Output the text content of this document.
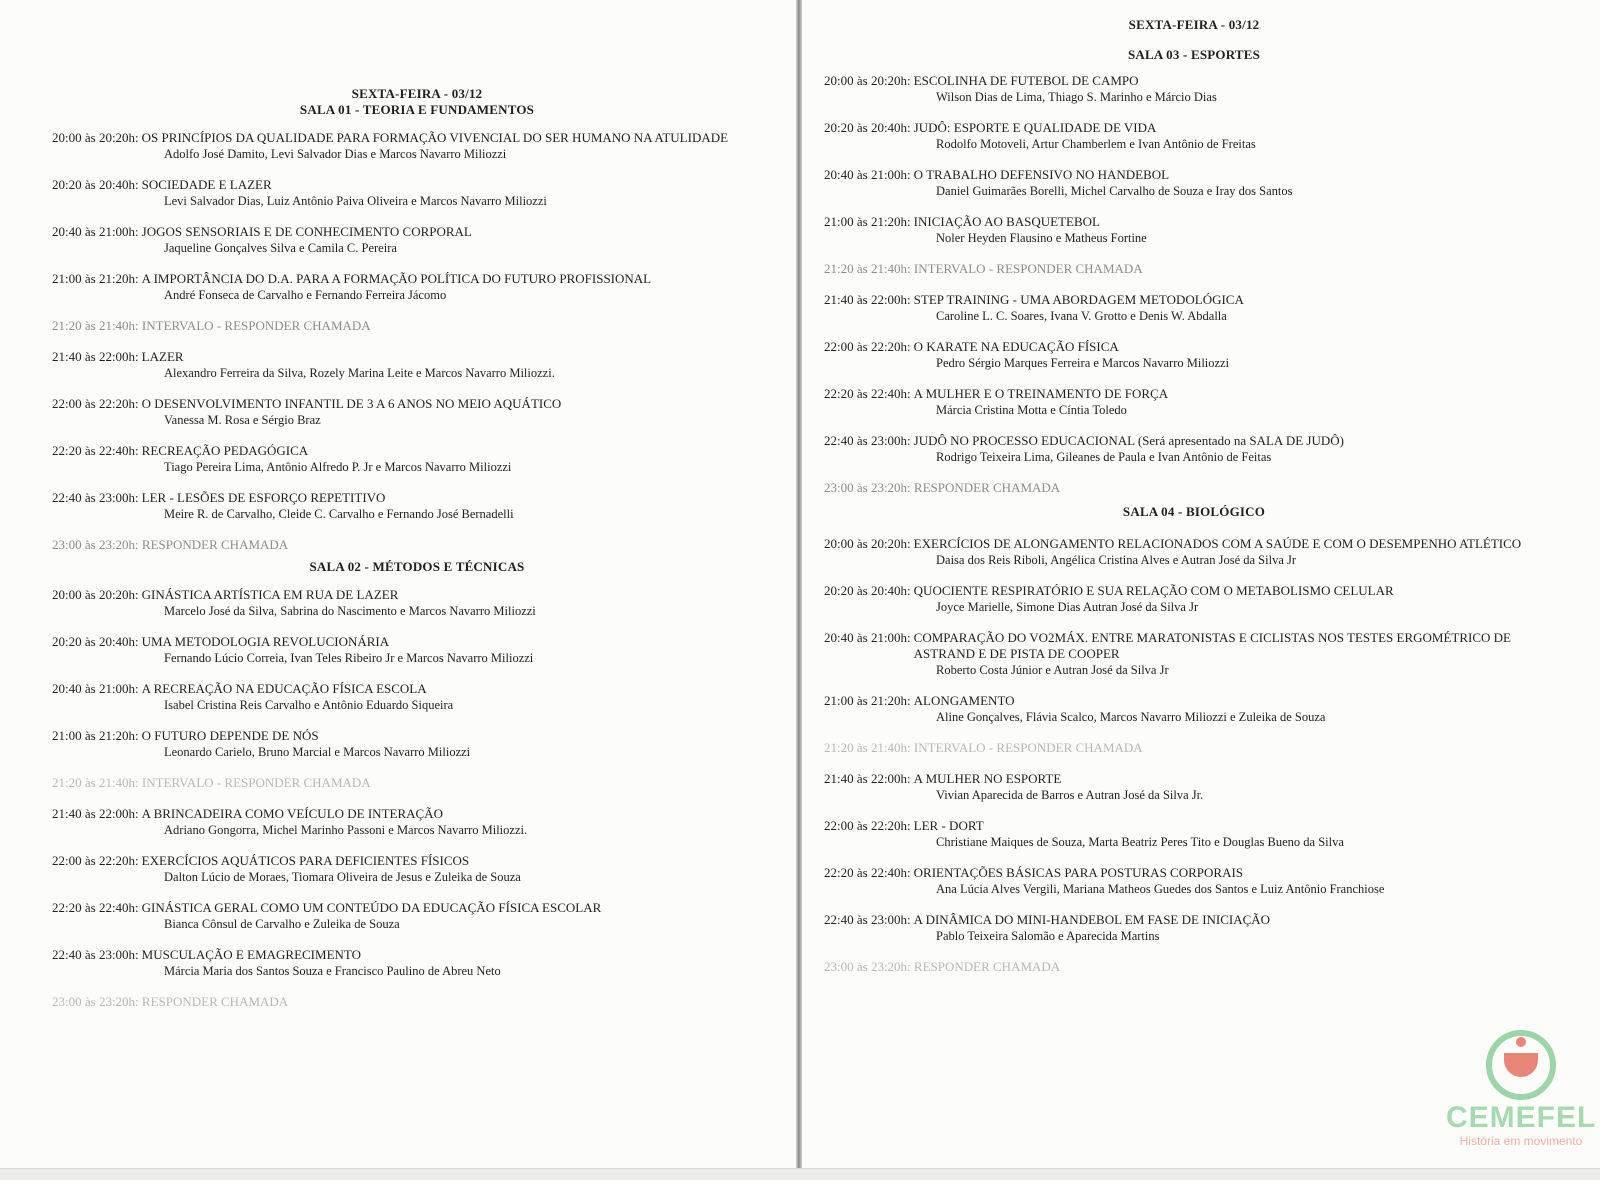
SEXTA-FEIRA - 03/12
SALA 01 - TEORIA E FUNDAMENTOS
20:00 às 20:20h: OS PRINCÍPIOS DA QUALIDADE PARA FORMAÇÃO VIVENCIAL DO SER HUMANO NA ATULIDADE
Adolfo José Damito, Levi Salvador Dias e Marcos Navarro Miliozzi
20:20 às 20:40h: SOCIEDADE E LAZER
Levi Salvador Dias, Luiz Antônio Paiva Oliveira e Marcos Navarro Miliozzi
20:40 às 21:00h: JOGOS SENSORIAIS E DE CONHECIMENTO CORPORAL
Jaqueline Gonçalves Silva e Camila C. Pereira
21:00 às 21:20h: A IMPORTÂNCIA DO D.A. PARA A FORMAÇÃO POLÍTICA DO FUTURO PROFISSIONAL
André Fonseca de Carvalho e Fernando Ferreira Jácomo
21:20 às 21:40h: INTERVALO - RESPONDER CHAMADA
21:40 às 22:00h: LAZER
Alexandro Ferreira da Silva, Rozely Marina Leite e Marcos Navarro Miliozzi.
22:00 às 22:20h: O DESENVOLVIMENTO INFANTIL DE 3 A 6 ANOS NO MEIO AQUÁTICO
Vanessa M. Rosa e Sérgio Braz
22:20 às 22:40h: RECREAÇÃO PEDAGÓGICA
Tiago Pereira Lima, Antônio Alfredo P. Jr e Marcos Navarro Miliozzi
22:40 às 23:00h: LER - LESÕES DE ESFORÇO REPETITIVO
Meire R. de Carvalho, Cleide C. Carvalho e Fernando José Bernadelli
23:00 às 23:20h: RESPONDER CHAMADA
SALA 02 - MÉTODOS E TÉCNICAS
20:00 às 20:20h: GINÁSTICA ARTÍSTICA EM RUA DE LAZER
Marcelo José da Silva, Sabrina do Nascimento e Marcos Navarro Miliozzi
20:20 às 20:40h: UMA METODOLOGIA REVOLUCIONÁRIA
Fernando Lúcio Correia, Ivan Teles Ribeiro Jr e Marcos Navarro Miliozzi
20:40 às 21:00h: A RECREAÇÃO NA EDUCAÇÃO FÍSICA ESCOLA
Isabel Cristina Reis Carvalho e Antônio Eduardo Siqueira
21:00 às 21:20h: O FUTURO DEPENDE DE NÓS
Leonardo Carielo, Bruno Marcial e Marcos Navarro Miliozzi
21:20 às 21:40h: INTERVALO - RESPONDER CHAMADA
21:40 às 22:00h: A BRINCADEIRA COMO VEÍCULO DE INTERAÇÃO
Adriano Gongorra, Michel Marinho Passoni e Marcos Navarro Miliozzi.
22:00 às 22:20h: EXERCÍCIOS AQUÁTICOS PARA DEFICIENTES FÍSICOS
Dalton Lúcio de Moraes, Tiomara Oliveira de Jesus e Zuleika de Souza
22:20 às 22:40h: GINÁSTICA GERAL COMO UM CONTEÚDO DA EDUCAÇÃO FÍSICA ESCOLAR
Bianca Cônsul de Carvalho e Zuleika de Souza
22:40 às 23:00h: MUSCULAÇÃO E EMAGRECIMENTO
Márcia Maria dos Santos Souza e Francisco Paulino de Abreu Neto
23:00 às 23:20h: RESPONDER CHAMADA
SEXTA-FEIRA - 03/12
SALA 03 - ESPORTES
20:00 às 20:20h: ESCOLINHA DE FUTEBOL DE CAMPO
Wilson Dias de Lima, Thiago S. Marinho e Márcio Dias
20:20 às 20:40h: JUDÔ: ESPORTE E QUALIDADE DE VIDA
Rodolfo Motoveli, Artur Chamberlem e Ivan Antônio de Freitas
20:40 às 21:00h: O TRABALHO DEFENSIVO NO HANDEBOL
Daniel Guimarães Borelli, Michel Carvalho de Souza e Iray dos Santos
21:00 às 21:20h: INICIAÇÃO AO BASQUETEBOL
Noler Heyden Flausino e Matheus Fortine
21:20 às 21:40h: INTERVALO - RESPONDER CHAMADA
21:40 às 22:00h: STEP TRAINING - UMA ABORDAGEM METODOLÓGICA
Caroline L. C. Soares, Ivana V. Grotto e Denis W. Abdalla
22:00 às 22:20h: O KARATE NA EDUCAÇÃO FÍSICA
Pedro Sérgio Marques Ferreira e Marcos Navarro Miliozzi
22:20 às 22:40h: A MULHER E O TREINAMENTO DE FORÇA
Márcia Cristina Motta e Cíntia Toledo
22:40 às 23:00h: JUDÔ NO PROCESSO EDUCACIONAL (Será apresentado na SALA DE JUDÔ)
Rodrigo Teixeira Lima, Gileanes de Paula e Ivan Antônio de Feitas
23:00 às 23:20h: RESPONDER CHAMADA
SALA 04 - BIOLÓGICO
20:00 às 20:20h: EXERCÍCIOS DE ALONGAMENTO RELACIONADOS COM A SAÚDE E COM O DESEMPENHO ATLÉTICO
Daisa dos Reis Riboli, Angélica Cristina Alves e Autran José da Silva Jr
20:20 às 20:40h: QUOCIENTE RESPIRATÓRIO E SUA RELAÇÃO COM O METABOLISMO CELULAR
Joyce Marielle, Simone Dias Autran José da Silva Jr
20:40 às 21:00h: COMPARAÇÃO DO VO2MÁX. ENTRE MARATONISTAS E CICLISTAS NOS TESTES ERGOMÉTRICO DE ASTRAND E DE PISTA DE COOPER
Roberto Costa Júnior e Autran José da Silva Jr
21:00 às 21:20h: ALONGAMENTO
Aline Gonçalves, Flávia Scalco, Marcos Navarro Miliozzi e Zuleika de Souza
21:20 às 21:40h: INTERVALO - RESPONDER CHAMADA
21:40 às 22:00h: A MULHER NO ESPORTE
Vivian Aparecida de Barros e Autran José da Silva Jr.
22:00 às 22:20h: LER - DORT
Christiane Maiques de Souza, Marta Beatriz Peres Tito e Douglas Bueno da Silva
22:20 às 22:40h: ORIENTAÇÕES BÁSICAS PARA POSTURAS CORPORAIS
Ana Lúcia Alves Vergili, Mariana Matheos Guedes dos Santos e Luiz Antônio Franchiose
22:40 às 23:00h: A DINÂMICA DO MINI-HANDEBOL EM FASE DE INICIAÇÃO
Pablo Teixeira Salomão e Aparecida Martins
23:00 às 23:20h: RESPONDER CHAMADA
CEMEFEL
História em movimento
